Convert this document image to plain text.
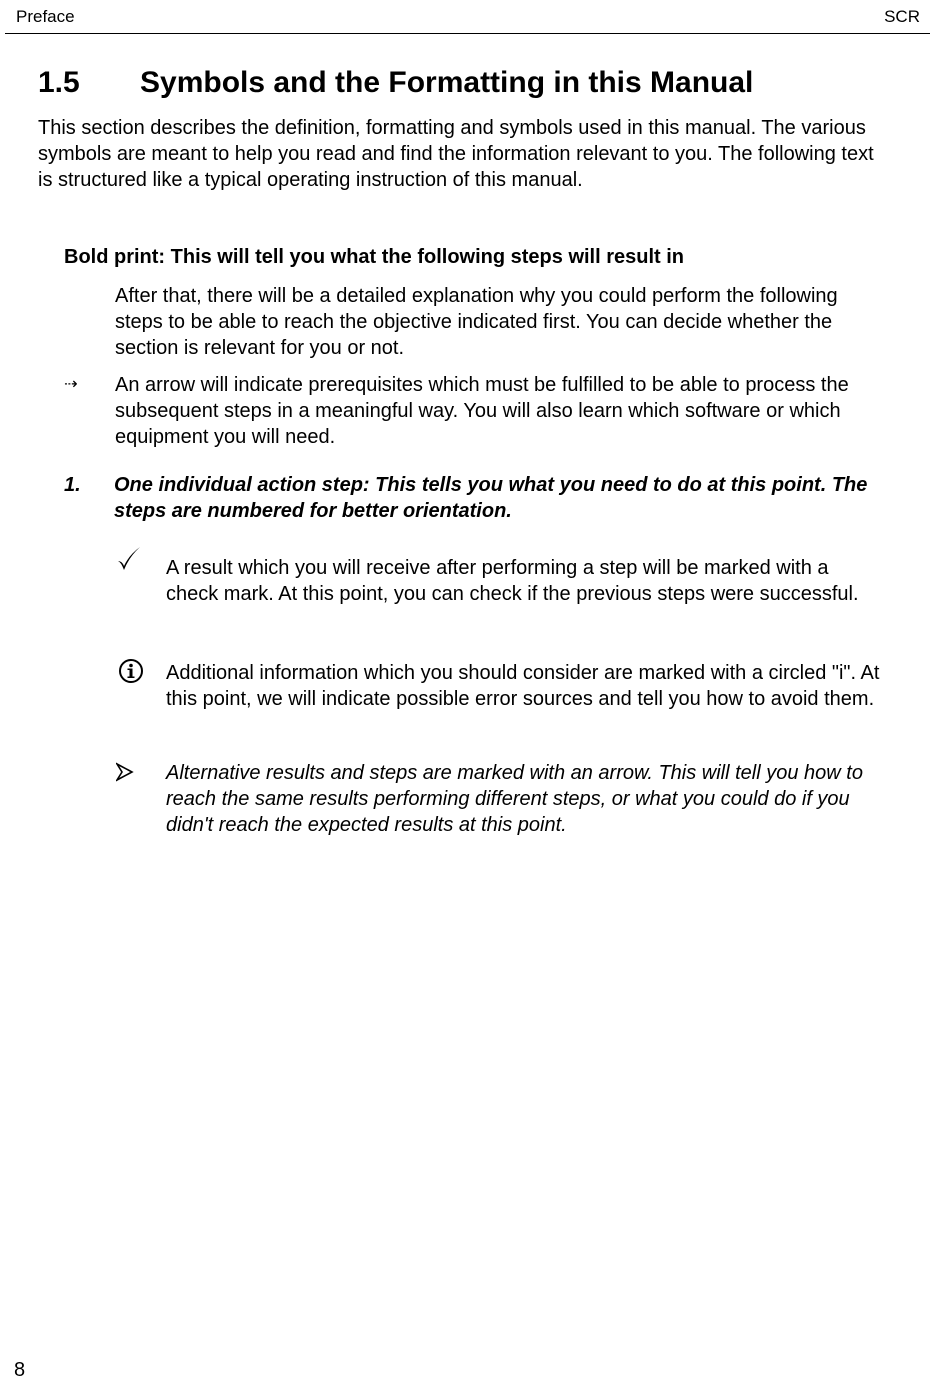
Preface	SCR
1.5 Symbols and the Formatting in this Manual

This section describes the definition, formatting and symbols used in this manual. The various symbols are meant to help you read and find the information relevant to you. The following text is structured like a typical operating instruction of this manual.

Bold print: This will tell you what the following steps will result in

After that, there will be a detailed explanation why you could perform the following steps to be able to reach the objective indicated first. You can decide whether the section is relevant for you or not.

⇢ An arrow will indicate prerequisites which must be fulfilled to be able to process the subsequent steps in a meaningful way. You will also learn which software or which equipment you will need.

1. One individual action step: This tells you what you need to do at this point. The steps are numbered for better orientation.

A result which you will receive after performing a step will be marked with a check mark. At this point, you can check if the previous steps were successful.

Additional information which you should consider are marked with a circled "i". At this point, we will indicate possible error sources and tell you how to avoid them.

Alternative results and steps are marked with an arrow. This will tell you how to reach the same results performing different steps, or what you could do if you didn't reach the expected results at this point.

8
